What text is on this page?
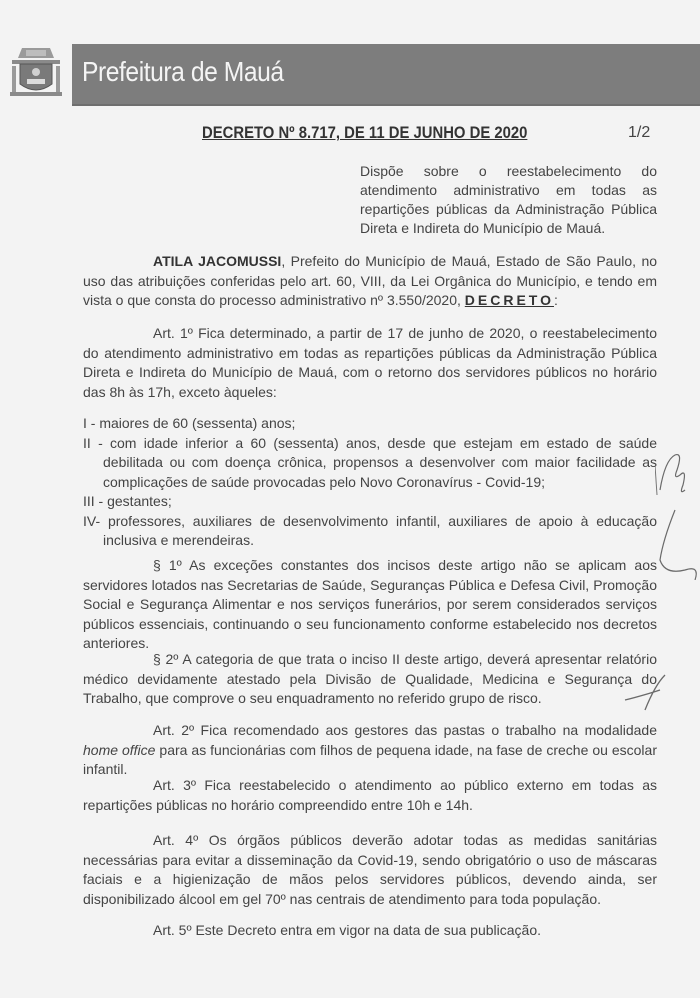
Prefeitura de Mauá
DECRETO Nº 8.717, DE 11 DE JUNHO DE 2020	1/2
Dispõe sobre o reestabelecimento do atendimento administrativo em todas as repartições públicas da Administração Pública Direta e Indireta do Município de Mauá.
ATILA JACOMUSSI, Prefeito do Município de Mauá, Estado de São Paulo, no uso das atribuições conferidas pelo art. 60, VIII, da Lei Orgânica do Município, e tendo em vista o que consta do processo administrativo nº 3.550/2020, DECRETO:
Art. 1º Fica determinado, a partir de 17 de junho de 2020, o reestabelecimento do atendimento administrativo em todas as repartições públicas da Administração Pública Direta e Indireta do Município de Mauá, com o retorno dos servidores públicos no horário das 8h às 17h, exceto àqueles:
I - maiores de 60 (sessenta) anos;
II - com idade inferior a 60 (sessenta) anos, desde que estejam em estado de saúde debilitada ou com doença crônica, propensos a desenvolver com maior facilidade as complicações de saúde provocadas pelo Novo Coronavírus - Covid-19;
III - gestantes;
IV- professores, auxiliares de desenvolvimento infantil, auxiliares de apoio à educação inclusiva e merendeiras.
§ 1º As exceções constantes dos incisos deste artigo não se aplicam aos servidores lotados nas Secretarias de Saúde, Seguranças Pública e Defesa Civil, Promoção Social e Segurança Alimentar e nos serviços funerários, por serem considerados serviços públicos essenciais, continuando o seu funcionamento conforme estabelecido nos decretos anteriores.
§ 2º A categoria de que trata o inciso II deste artigo, deverá apresentar relatório médico devidamente atestado pela Divisão de Qualidade, Medicina e Segurança do Trabalho, que comprove o seu enquadramento no referido grupo de risco.
Art. 2º Fica recomendado aos gestores das pastas o trabalho na modalidade home office para as funcionárias com filhos de pequena idade, na fase de creche ou escolar infantil.
Art. 3º Fica reestabelecido o atendimento ao público externo em todas as repartições públicas no horário compreendido entre 10h e 14h.
Art. 4º Os órgãos públicos deverão adotar todas as medidas sanitárias necessárias para evitar a disseminação da Covid-19, sendo obrigatório o uso de máscaras faciais e a higienização de mãos pelos servidores públicos, devendo ainda, ser disponibilizado álcool em gel 70º nas centrais de atendimento para toda população.
Art. 5º Este Decreto entra em vigor na data de sua publicação.
